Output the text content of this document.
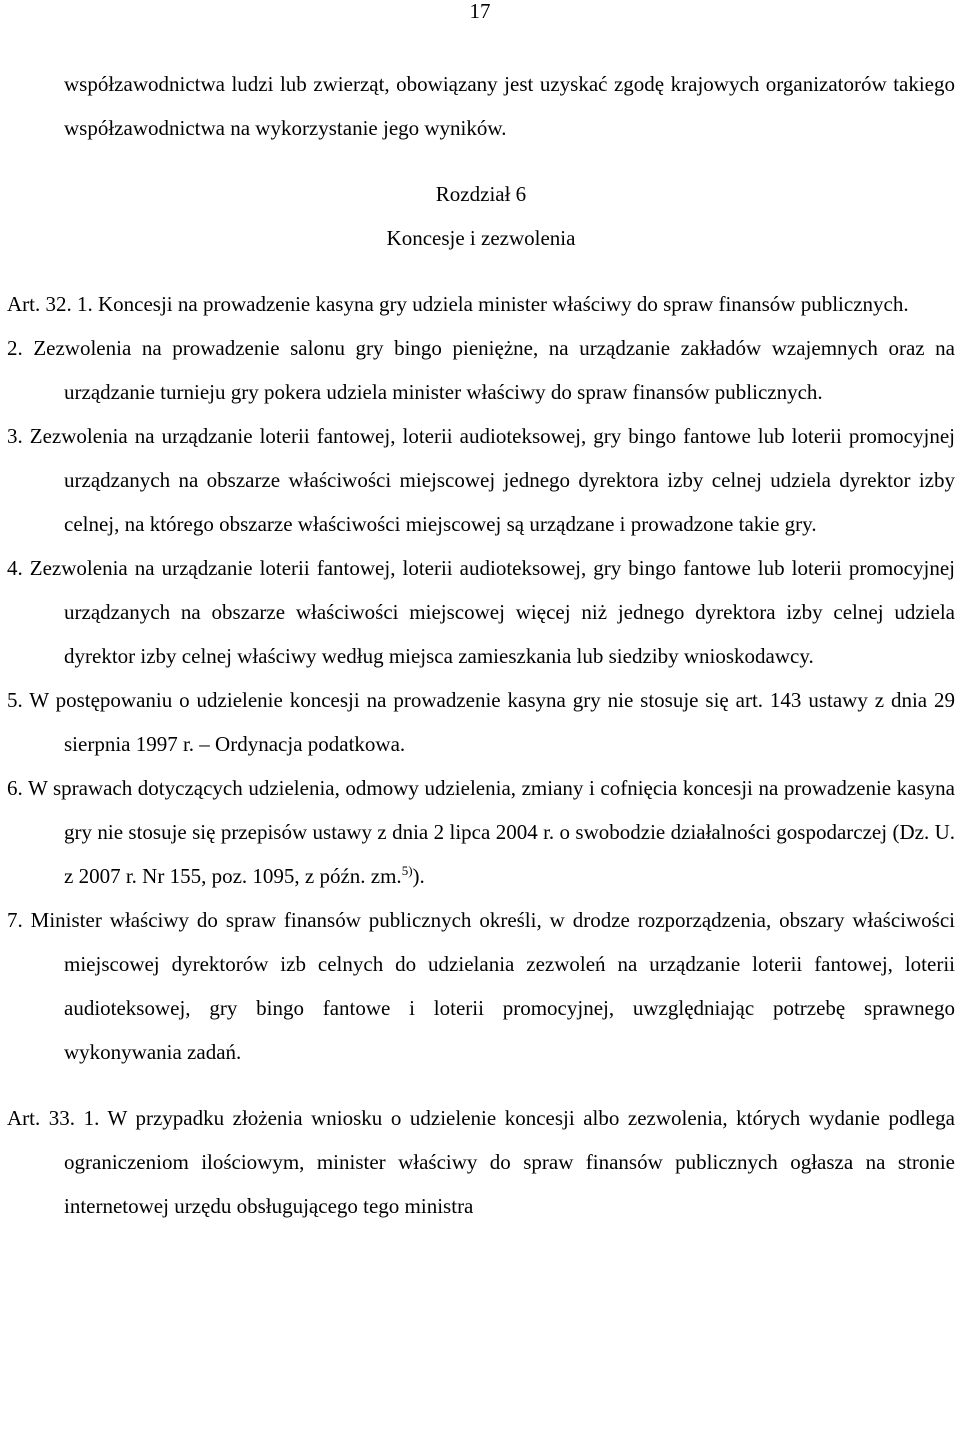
17

współzawodnictwa ludzi lub zwierząt, obowiązany jest uzyskać zgodę krajowych organizatorów takiego współzawodnictwa na wykorzystanie jego wyników.

Rozdział 6

Koncesje i zezwolenia

Art. 32. 1. Koncesji na prowadzenie kasyna gry udziela minister właściwy do spraw finansów publicznych.

2. Zezwolenia na prowadzenie salonu gry bingo pieniężne, na urządzanie zakładów wzajemnych oraz na urządzanie turnieju gry pokera udziela minister właściwy do spraw finansów publicznych.

3. Zezwolenia na urządzanie loterii fantowej, loterii audioteksowej, gry bingo fantowe lub loterii promocyjnej urządzanych na obszarze właściwości miejscowej jednego dyrektora izby celnej udziela dyrektor izby celnej, na którego obszarze właściwości miejscowej są urządzane i prowadzone takie gry.

4. Zezwolenia na urządzanie loterii fantowej, loterii audioteksowej, gry bingo fantowe lub loterii promocyjnej urządzanych na obszarze właściwości miejscowej więcej niż jednego dyrektora izby celnej udziela dyrektor izby celnej właściwy według miejsca zamieszkania lub siedziby wnioskodawcy.

5. W postępowaniu o udzielenie koncesji na prowadzenie kasyna gry nie stosuje się art. 143 ustawy z dnia 29 sierpnia 1997 r. – Ordynacja podatkowa.

6. W sprawach dotyczących udzielenia, odmowy udzielenia, zmiany i cofnięcia koncesji na prowadzenie kasyna gry nie stosuje się przepisów ustawy z dnia 2 lipca 2004 r. o swobodzie działalności gospodarczej (Dz. U. z 2007 r. Nr 155, poz. 1095, z późn. zm.$^{5)}$).

7. Minister właściwy do spraw finansów publicznych określi, w drodze rozporządzenia, obszary właściwości miejscowej dyrektorów izb celnych do udzielania zezwoleń na urządzanie loterii fantowej, loterii audioteksowej, gry bingo fantowe i loterii promocyjnej, uwzględniając potrzebę sprawnego wykonywania zadań.

Art. 33. 1. W przypadku złożenia wniosku o udzielenie koncesji albo zezwolenia, których wydanie podlega ograniczeniom ilościowym, minister właściwy do spraw finansów publicznych ogłasza na stronie internetowej urzędu obsługującego tego ministra
